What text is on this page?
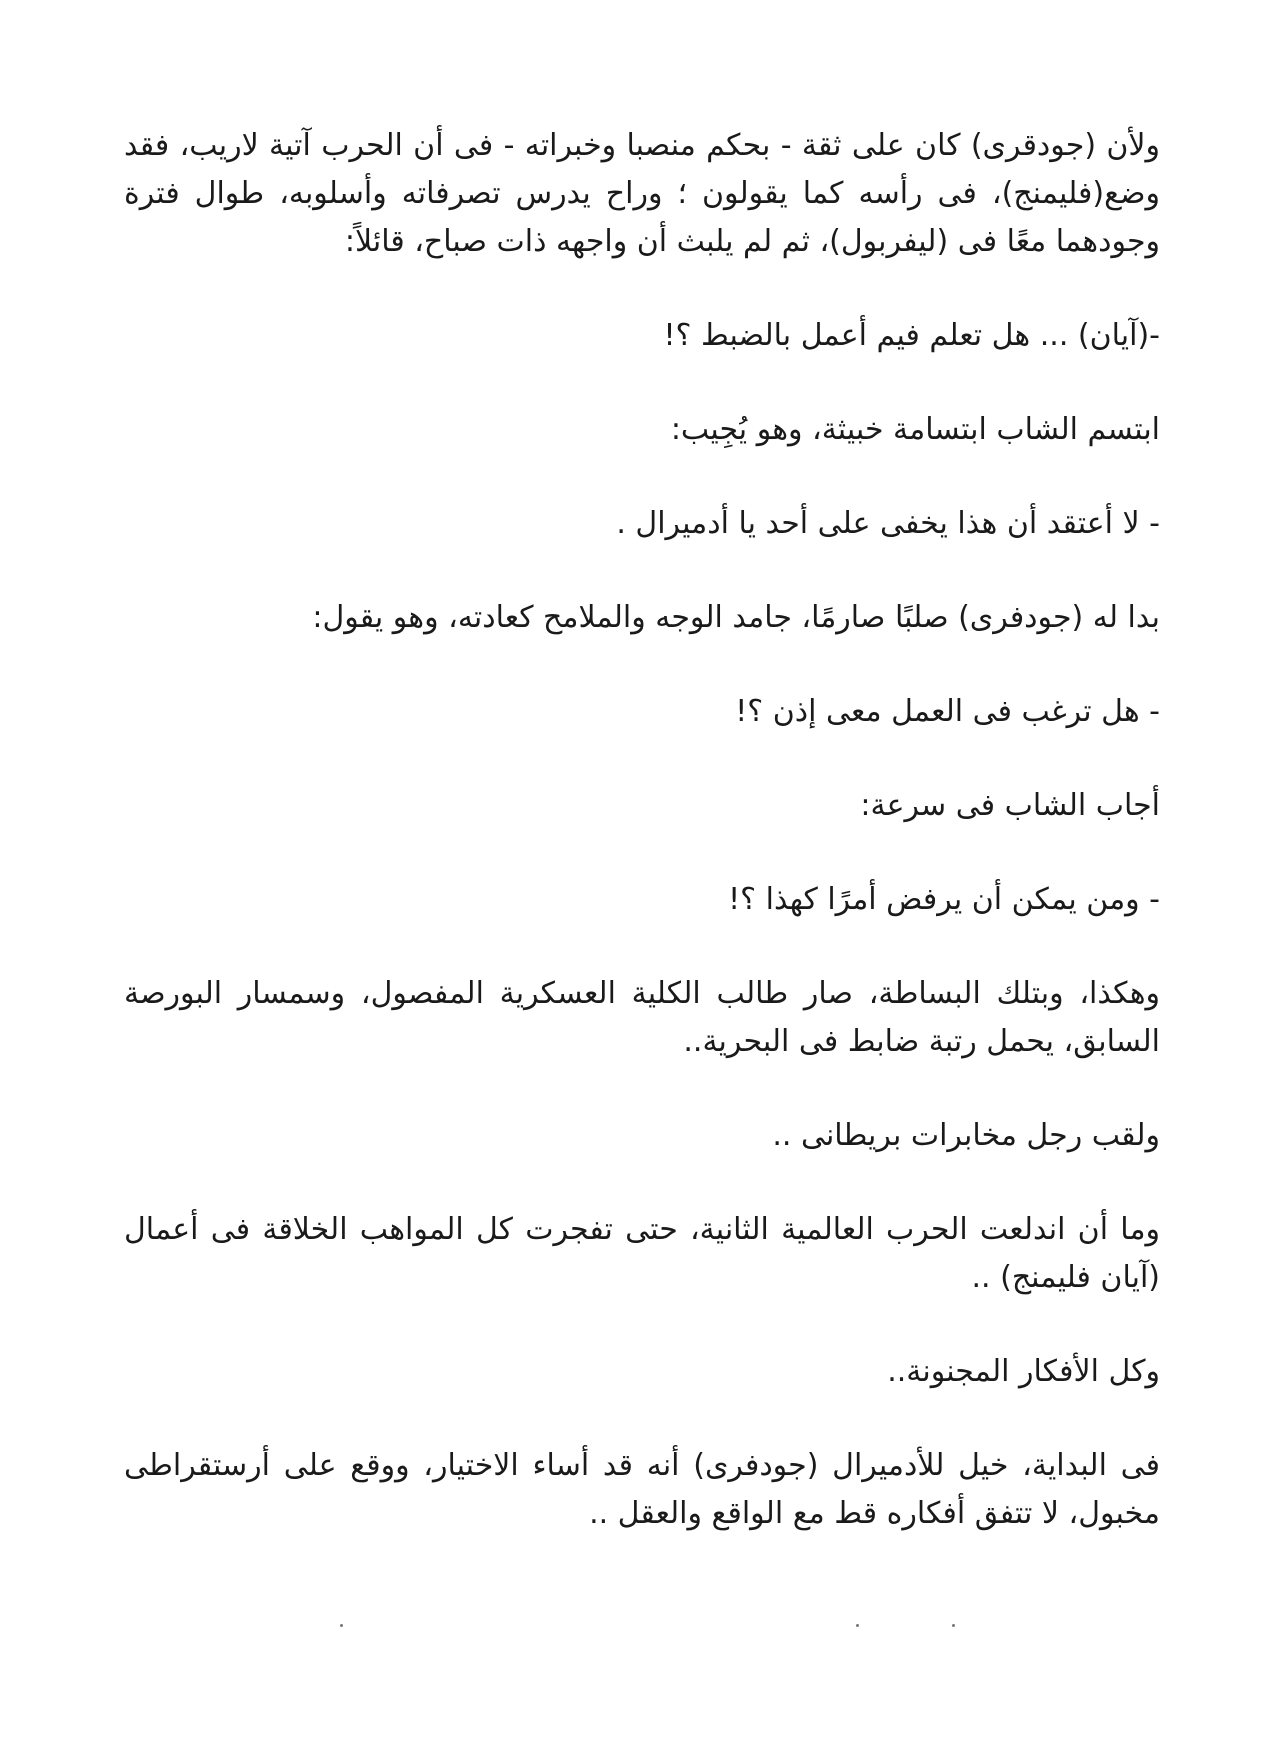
ولأن (جودقرى) كان على ثقة - بحكم منصبا وخبراته - فى أن الحرب آتية لاريب، فقد وضع(فليمنج)، فى رأسه كما يقولون ؛ وراح يدرس تصرفاته وأسلوبه، طوال فترة وجودهما معًا فى (ليفربول)، ثم لم يلبث أن واجهه ذات صباح، قائلاً:

-(آيان) ... هل تعلم فيم أعمل بالضبط ؟!

ابتسم الشاب ابتسامة خبيثة، وهو يُجِيب:

- لا أعتقد أن هذا يخفى على أحد يا أدميرال .

بدا له (جودفرى) صلبًا صارمًا، جامد الوجه والملامح كعادته، وهو يقول:

- هل ترغب فى العمل معى إذن ؟!

أجاب الشاب فى سرعة:

- ومن يمكن أن يرفض أمرًا كهذا ؟!

وهكذا، وبتلك البساطة، صار طالب الكلية العسكرية المفصول، وسمسار البورصة السابق، يحمل رتبة ضابط فى البحرية..

ولقب رجل مخابرات بريطانى ..

وما أن اندلعت الحرب العالمية الثانية، حتى تفجرت كل المواهب الخلاقة فى أعمال (آيان فليمنج) ..

وكل الأفكار المجنونة..

فى البداية، خيل للأدميرال (جودفرى) أنه قد أساء الاختيار، ووقع على أرستقراطى مخبول، لا تتفق أفكاره قط مع الواقع والعقل ..
